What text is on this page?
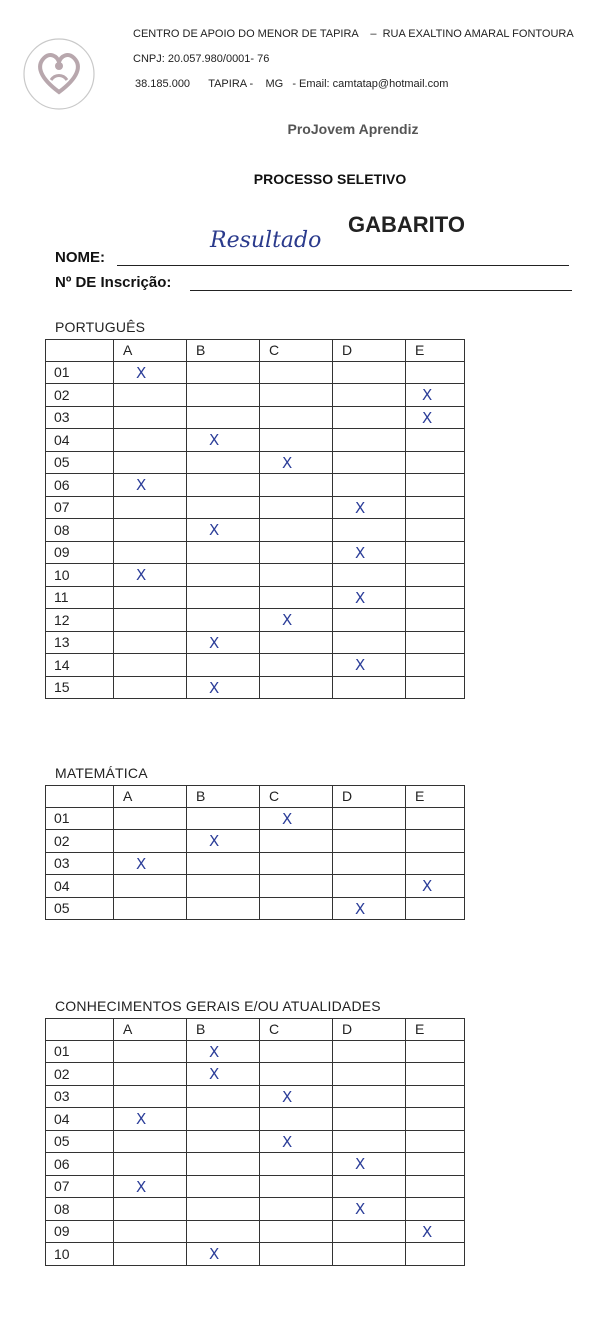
CENTRO DE APOIO DO MENOR DE TAPIRA    –  RUA EXALTINO AMARAL FONTOURA
CNPJ: 20.057.980/0001- 76
38.185.000      TAPIRA -    MG   - Email: camtatap@hotmail.com
ProJovem Aprendiz
PROCESSO SELETIVO
GABARITO
NOME:
Resultado
Nº DE Inscrição:
PORTUGUÊS
	A	B	C	D	E
01	X				

02					X

03					X

04		X			

05			X		

06	X				

07				X	

08		X			

09				X	

10	X				

11				X	

12			X		

13		X			

14				X	

15		X			

MATEMÁTICA
	A	B	C	D	E
01			X		

02		X			

03	X				

04					X

05				X	

CONHECIMENTOS GERAIS E/OU ATUALIDADES
	A	B	C	D	E
01		X			

02		X			

03			X		

04	X				

05			X		

06				X	

07	X				

08				X	

09					X

10		X			
